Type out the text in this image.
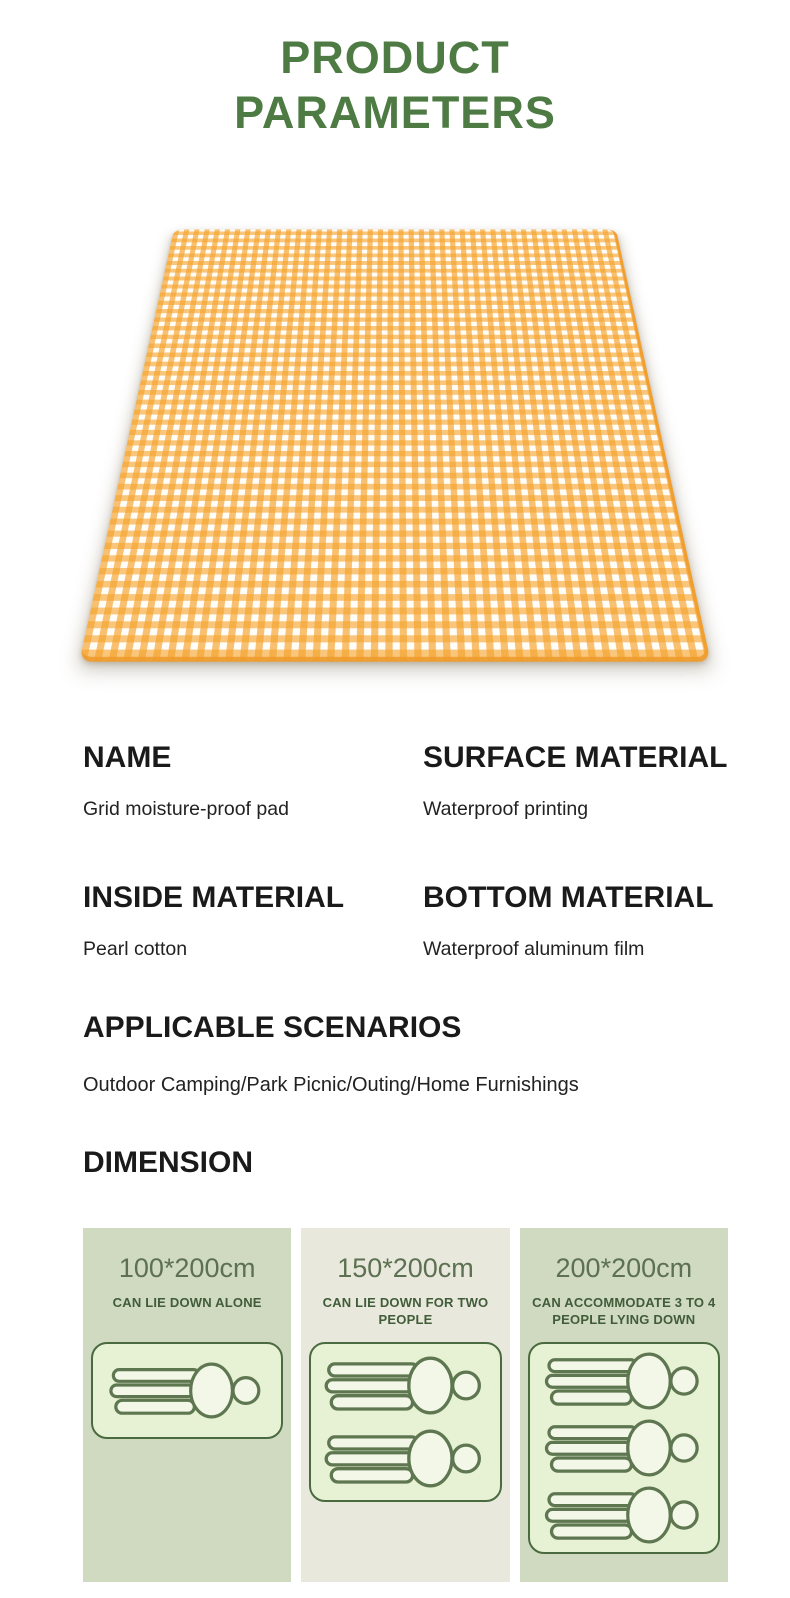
PRODUCT
PARAMETERS
NAME
Grid moisture-proof pad
SURFACE MATERIAL
Waterproof printing
INSIDE MATERIAL
Pearl cotton
BOTTOM MATERIAL
Waterproof aluminum film
APPLICABLE SCENARIOS
Outdoor Camping/Park Picnic/Outing/Home Furnishings
DIMENSION
100*200cm
CAN LIE DOWN ALONE
150*200cm
CAN LIE DOWN FOR TWO PEOPLE
200*200cm
CAN ACCOMMODATE 3 TO 4 PEOPLE LYING DOWN
